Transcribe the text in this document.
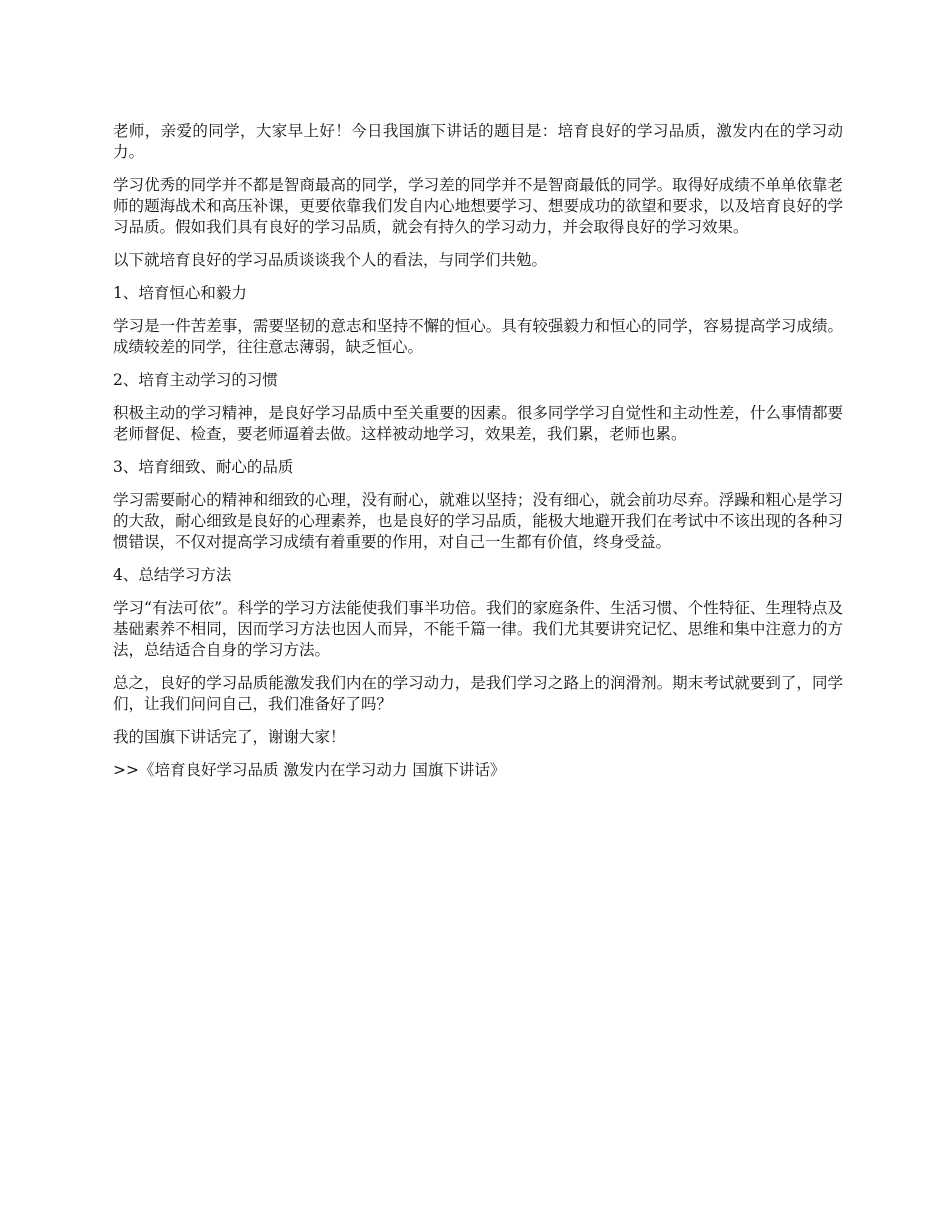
老师，亲爱的同学，大家早上好！今日我国旗下讲话的题目是：培育良好的学习品质，激发内在的学习动力。

学习优秀的同学并不都是智商最高的同学，学习差的同学并不是智商最低的同学。取得好成绩不单单依靠老师的题海战术和高压补课，更要依靠我们发自内心地想要学习、想要成功的欲望和要求，以及培育良好的学习品质。假如我们具有良好的学习品质，就会有持久的学习动力，并会取得良好的学习效果。

以下就培育良好的学习品质谈谈我个人的看法，与同学们共勉。

1、培育恒心和毅力

学习是一件苦差事，需要坚韧的意志和坚持不懈的恒心。具有较强毅力和恒心的同学，容易提高学习成绩。成绩较差的同学，往往意志薄弱，缺乏恒心。

2、培育主动学习的习惯

积极主动的学习精神，是良好学习品质中至关重要的因素。很多同学学习自觉性和主动性差，什么事情都要老师督促、检查，要老师逼着去做。这样被动地学习，效果差，我们累，老师也累。

3、培育细致、耐心的品质

学习需要耐心的精神和细致的心理，没有耐心，就难以坚持；没有细心，就会前功尽弃。浮躁和粗心是学习的大敌，耐心细致是良好的心理素养，也是良好的学习品质，能极大地避开我们在考试中不该出现的各种习惯错误，不仅对提高学习成绩有着重要的作用，对自己一生都有价值，终身受益。

4、总结学习方法

学习“有法可依”。科学的学习方法能使我们事半功倍。我们的家庭条件、生活习惯、个性特征、生理特点及基础素养不相同，因而学习方法也因人而异，不能千篇一律。我们尤其要讲究记忆、思维和集中注意力的方法，总结适合自身的学习方法。

总之，良好的学习品质能激发我们内在的学习动力，是我们学习之路上的润滑剂。期末考试就要到了，同学们，让我们问问自己，我们准备好了吗？

我的国旗下讲话完了，谢谢大家！

>>《培育良好学习品质 激发内在学习动力 国旗下讲话》
